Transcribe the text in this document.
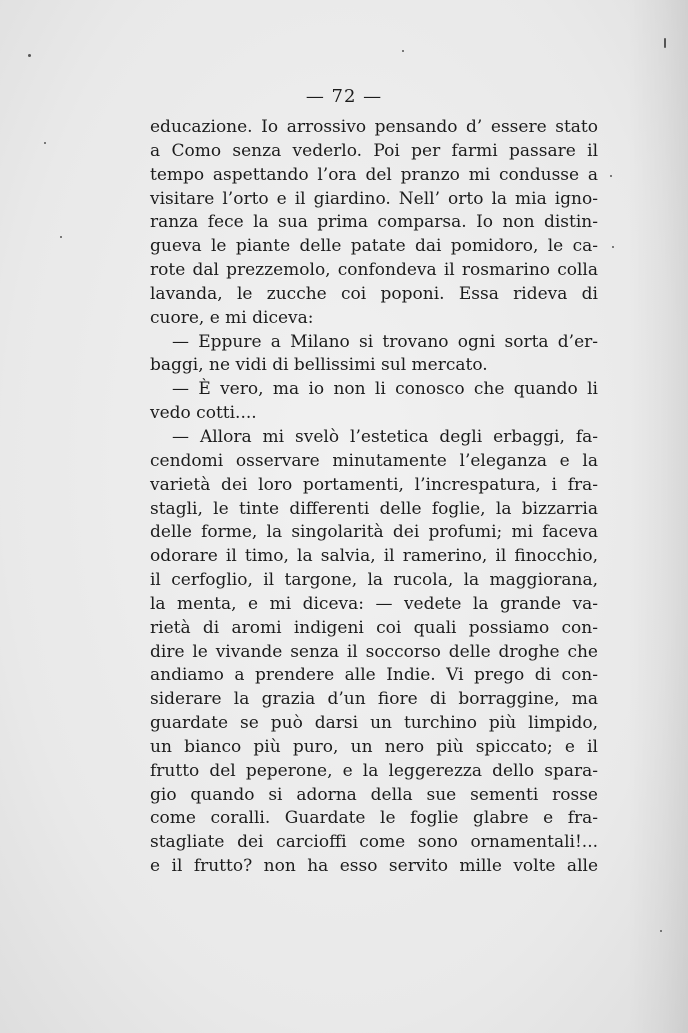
— 72 —
educazione. Io arrossivo pensando d’ essere stato
a Como senza vederlo. Poi per farmi passare il
tempo aspettando l’ora del pranzo mi condusse a
visitare l’orto e il giardino. Nell’ orto la mia igno-
ranza fece la sua prima comparsa. Io non distin-
gueva le piante delle patate dai pomidoro, le ca-
rote dal prezzemolo, confondeva il rosmarino colla
lavanda, le zucche coi poponi. Essa rideva di
cuore, e mi diceva:
— Eppure a Milano si trovano ogni sorta d’er-
baggi, ne vidi di bellissimi sul mercato.
— È vero, ma io non li conosco che quando li
vedo cotti....
— Allora mi svelò l’estetica degli erbaggi, fa-
cendomi osservare minutamente l’eleganza e la
varietà dei loro portamenti, l’increspatura, i fra-
stagli, le tinte differenti delle foglie, la bizzarria
delle forme, la singolarità dei profumi; mi faceva
odorare il timo, la salvia, il ramerino, il finocchio,
il cerfoglio, il targone, la rucola, la maggiorana,
la menta, e mi diceva: — vedete la grande va-
rietà di aromi indigeni coi quali possiamo con-
dire le vivande senza il soccorso delle droghe che
andiamo a prendere alle Indie. Vi prego di con-
siderare la grazia d’un fiore di borraggine, ma
guardate se può darsi un turchino più limpido,
un bianco più puro, un nero più spiccato; e il
frutto del peperone, e la leggerezza dello spara-
gio quando si adorna della sue sementi rosse
come coralli. Guardate le foglie glabre e fra-
stagliate dei carcioffi come sono ornamentali!...
e il frutto? non ha esso servito mille volte alle
